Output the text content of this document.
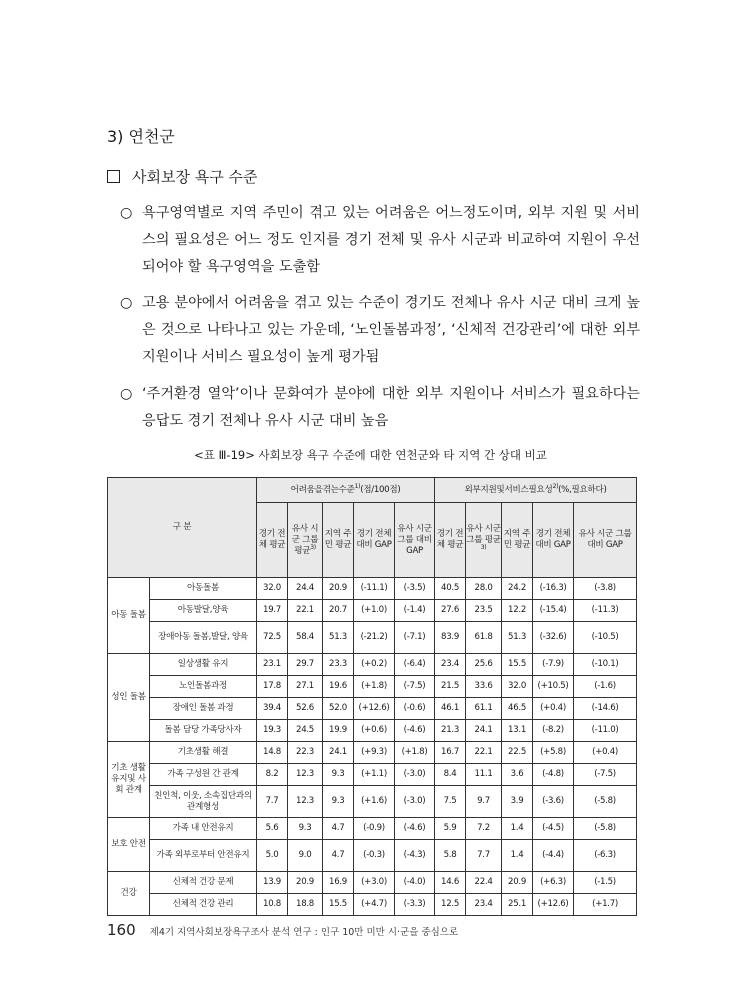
3) 연천군
사회보장 욕구 수준
○ 욕구영역별로 지역 주민이 겪고 있는 어려움은 어느정도이며, 외부 지원 및 서비스의 필요성은 어느 정도 인지를 경기 전체 및 유사 시군과 비교하여 지원이 우선되어야 할 욕구영역을 도출함
○ 고용 분야에서 어려움을 겪고 있는 수준이 경기도 전체나 유사 시군 대비 크게 높은 것으로 나타나고 있는 가운데, ‘노인돌봄과정’, ‘신체적 건강관리’에 대한 외부 지원이나 서비스 필요성이 높게 평가됨
○ ‘주거환경 열악’이나 문화여가 분야에 대한 외부 지원이나 서비스가 필요하다는 응답도 경기 전체나 유사 시군 대비 높음
<표 Ⅲ-19> 사회보장 욕구 수준에 대한 연천군와 타 지역 간 상대 비교
구 분		어려움을겪는수준$^{1)}$(점/100점)					외부지원및서비스필요성$^{2)}$(%,필요하다)				
		경기 전체 평균	유사 시군 그룹 평균$^{3)}$	지역 주민 평균	경기 전체 대비 GAP	유사 시군 그룹 대비 GAP	경기 전체 평균	유사 시군 그룹 평균$^{3)}$	지역 주민 평균	경기 전체 대비 GAP	유사 시군 그룹 대비 GAP
아동 돌봄	아동돌봄	32.0	24.4	20.9	(-11.1)	(-3.5)	40.5	28.0	24.2	(-16.3)	(-3.8)
	아동발달,양육	19.7	22.1	20.7	(+1.0)	(-1.4)	27.6	23.5	12.2	(-15.4)	(-11.3)
	장애아동 돌봄,발달, 양육	72.5	58.4	51.3	(-21.2)	(-7.1)	83.9	61.8	51.3	(-32.6)	(-10.5)
성인 돌봄	일상생활 유지	23.1	29.7	23.3	(+0.2)	(-6.4)	23.4	25.6	15.5	(-7.9)	(-10.1)
	노인돌봄과정	17.8	27.1	19.6	(+1.8)	(-7.5)	21.5	33.6	32.0	(+10.5)	(-1.6)
	장애인 돌봄 과정	39.4	52.6	52.0	(+12.6)	(-0.6)	46.1	61.1	46.5	(+0.4)	(-14.6)
	돌봄 담당 가족당사자	19.3	24.5	19.9	(+0.6)	(-4.6)	21.3	24.1	13.1	(-8.2)	(-11.0)
기초 생활 유지및 사회 관계	기초생활 해결	14.8	22.3	24.1	(+9.3)	(+1.8)	16.7	22.1	22.5	(+5.8)	(+0.4)
	가족 구성원 간 관계	8.2	12.3	9.3	(+1.1)	(-3.0)	8.4	11.1	3.6	(-4.8)	(-7.5)
	친인척, 이웃, 소속집단과의 관계형성	7.7	12.3	9.3	(+1.6)	(-3.0)	7.5	9.7	3.9	(-3.6)	(-5.8)
보호 안전	가족 내 안전유지	5.6	9.3	4.7	(-0.9)	(-4.6)	5.9	7.2	1.4	(-4.5)	(-5.8)
	가족 외부로부터 안전유지	5.0	9.0	4.7	(-0.3)	(-4.3)	5.8	7.7	1.4	(-4.4)	(-6.3)
건강	신체적 건강 문제	13.9	20.9	16.9	(+3.0)	(-4.0)	14.6	22.4	20.9	(+6.3)	(-1.5)
	신체적 건강 관리	10.8	18.8	15.5	(+4.7)	(-3.3)	12.5	23.4	25.1	(+12.6)	(+1.7)
160 제4기 지역사회보장욕구조사 분석 연구 : 인구 10만 미만 시·군을 중심으로
